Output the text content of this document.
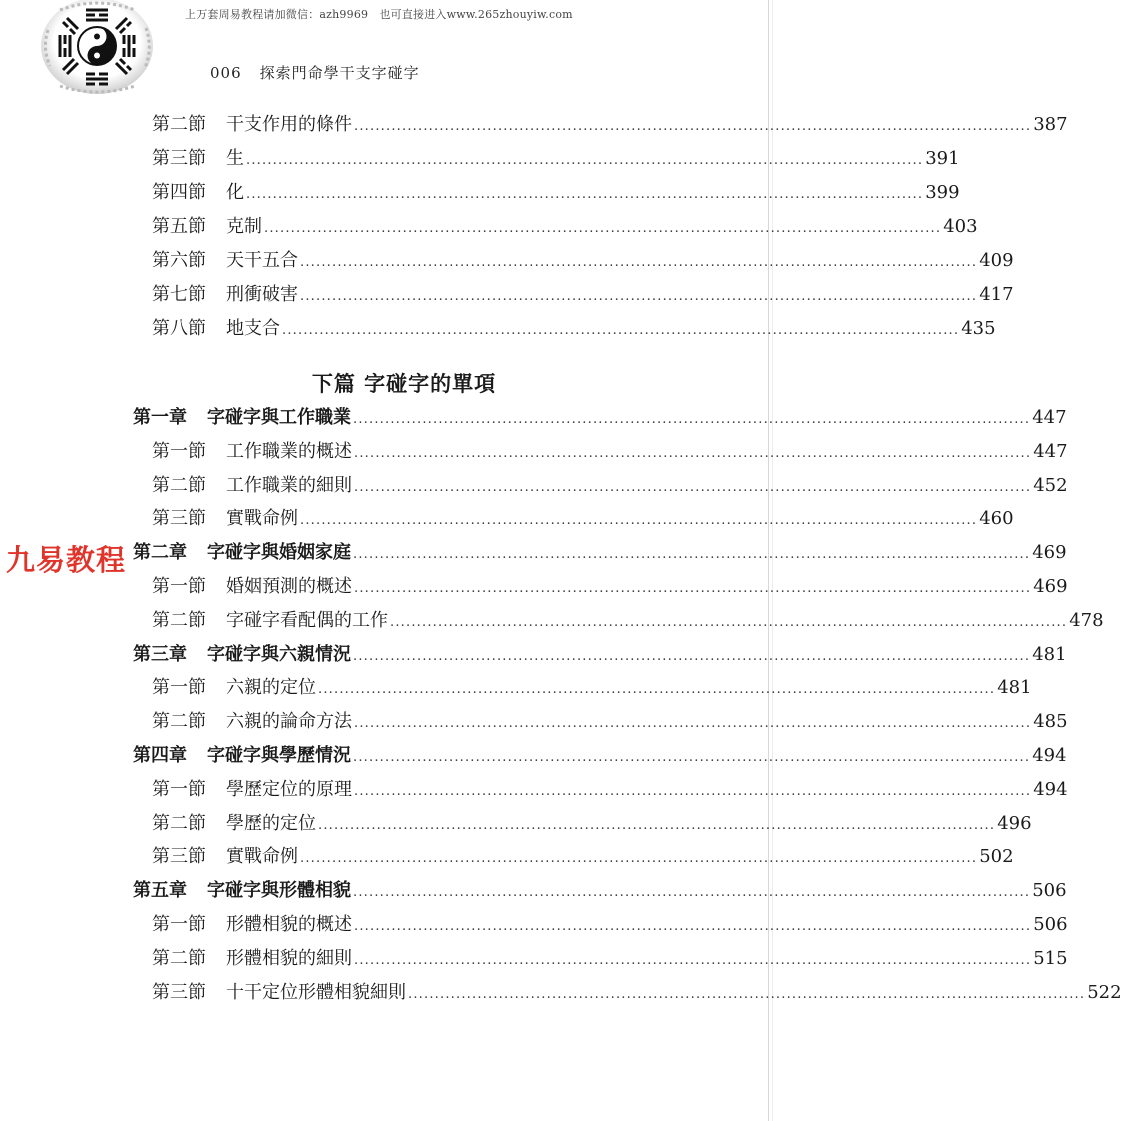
上万套周易教程请加微信：azh9969　也可直接进入www.265zhouyiw.com
006 探索門命學干支字碰字
第二節 干支作用的條件 ............................................................................................................................... 387
第三節 生 ............................................................................................................................... 391
第四節 化 ............................................................................................................................... 399
第五節 克制 ............................................................................................................................... 403
第六節 天干五合 ............................................................................................................................... 409
第七節 刑衝破害 ............................................................................................................................... 417
第八節 地支合 ............................................................................................................................... 435
下篇 字碰字的單項
第一章 字碰字與工作職業 ............................................................................................................................... 447
第一節 工作職業的概述 ............................................................................................................................... 447
第二節 工作職業的細則 ............................................................................................................................... 452
第三節 實戰命例 ............................................................................................................................... 460
第二章 字碰字與婚姻家庭 ............................................................................................................................... 469
第一節 婚姻預測的概述 ............................................................................................................................... 469
第二節 字碰字看配偶的工作 ............................................................................................................................... 478
第三章 字碰字與六親情況 ............................................................................................................................... 481
第一節 六親的定位 ............................................................................................................................... 481
第二節 六親的論命方法 ............................................................................................................................... 485
第四章 字碰字與學歷情況 ............................................................................................................................... 494
第一節 學歷定位的原理 ............................................................................................................................... 494
第二節 學歷的定位 ............................................................................................................................... 496
第三節 實戰命例 ............................................................................................................................... 502
第五章 字碰字與形體相貌 ............................................................................................................................... 506
第一節 形體相貌的概述 ............................................................................................................................... 506
第二節 形體相貌的細則 ............................................................................................................................... 515
第三節 十干定位形體相貌細則 ............................................................................................................................... 522
九易教程
